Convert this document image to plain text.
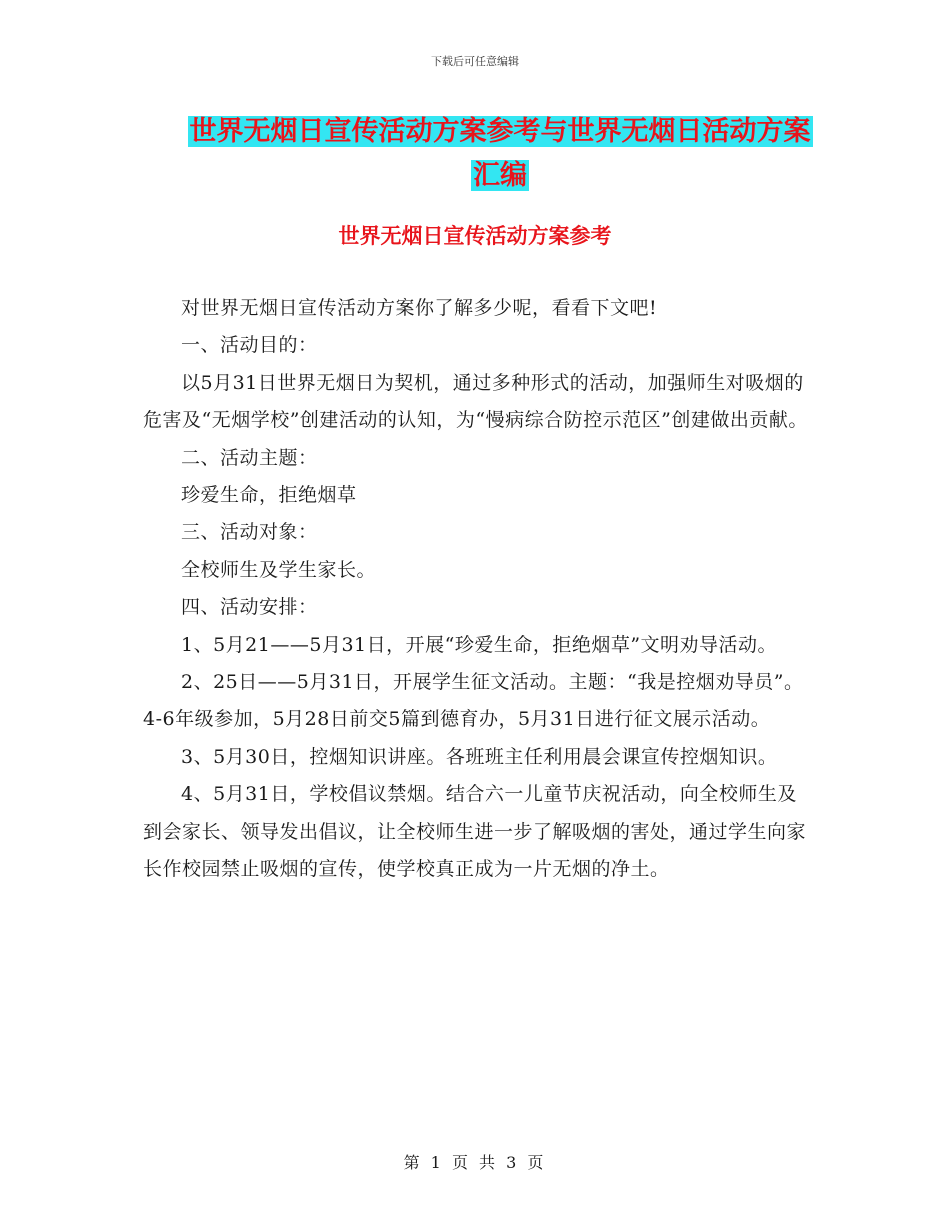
下载后可任意编辑
世界无烟日宣传活动方案参考与世界无烟日活动方案
汇编
世界无烟日宣传活动方案参考

对世界无烟日宣传活动方案你了解多少呢，看看下文吧!

一、活动目的：

以5月31日世界无烟日为契机，通过多种形式的活动，加强师生对吸烟的危害及“无烟学校”创建活动的认知，为“慢病综合防控示范区”创建做出贡献。

二、活动主题：

珍爱生命，拒绝烟草

三、活动对象：

全校师生及学生家长。

四、活动安排：

1、5月21——5月31日，开展“珍爱生命，拒绝烟草”文明劝导活动。

2、25日——5月31日，开展学生征文活动。主题：“我是控烟劝导员”。4-6年级参加，5月28日前交5篇到德育办，5月31日进行征文展示活动。

3、5月30日，控烟知识讲座。各班班主任利用晨会课宣传控烟知识。

4、5月31日，学校倡议禁烟。结合六一儿童节庆祝活动，向全校师生及到会家长、领导发出倡议，让全校师生进一步了解吸烟的害处，通过学生向家长作校园禁止吸烟的宣传，使学校真正成为一片无烟的净土。

第 1 页 共 3 页
